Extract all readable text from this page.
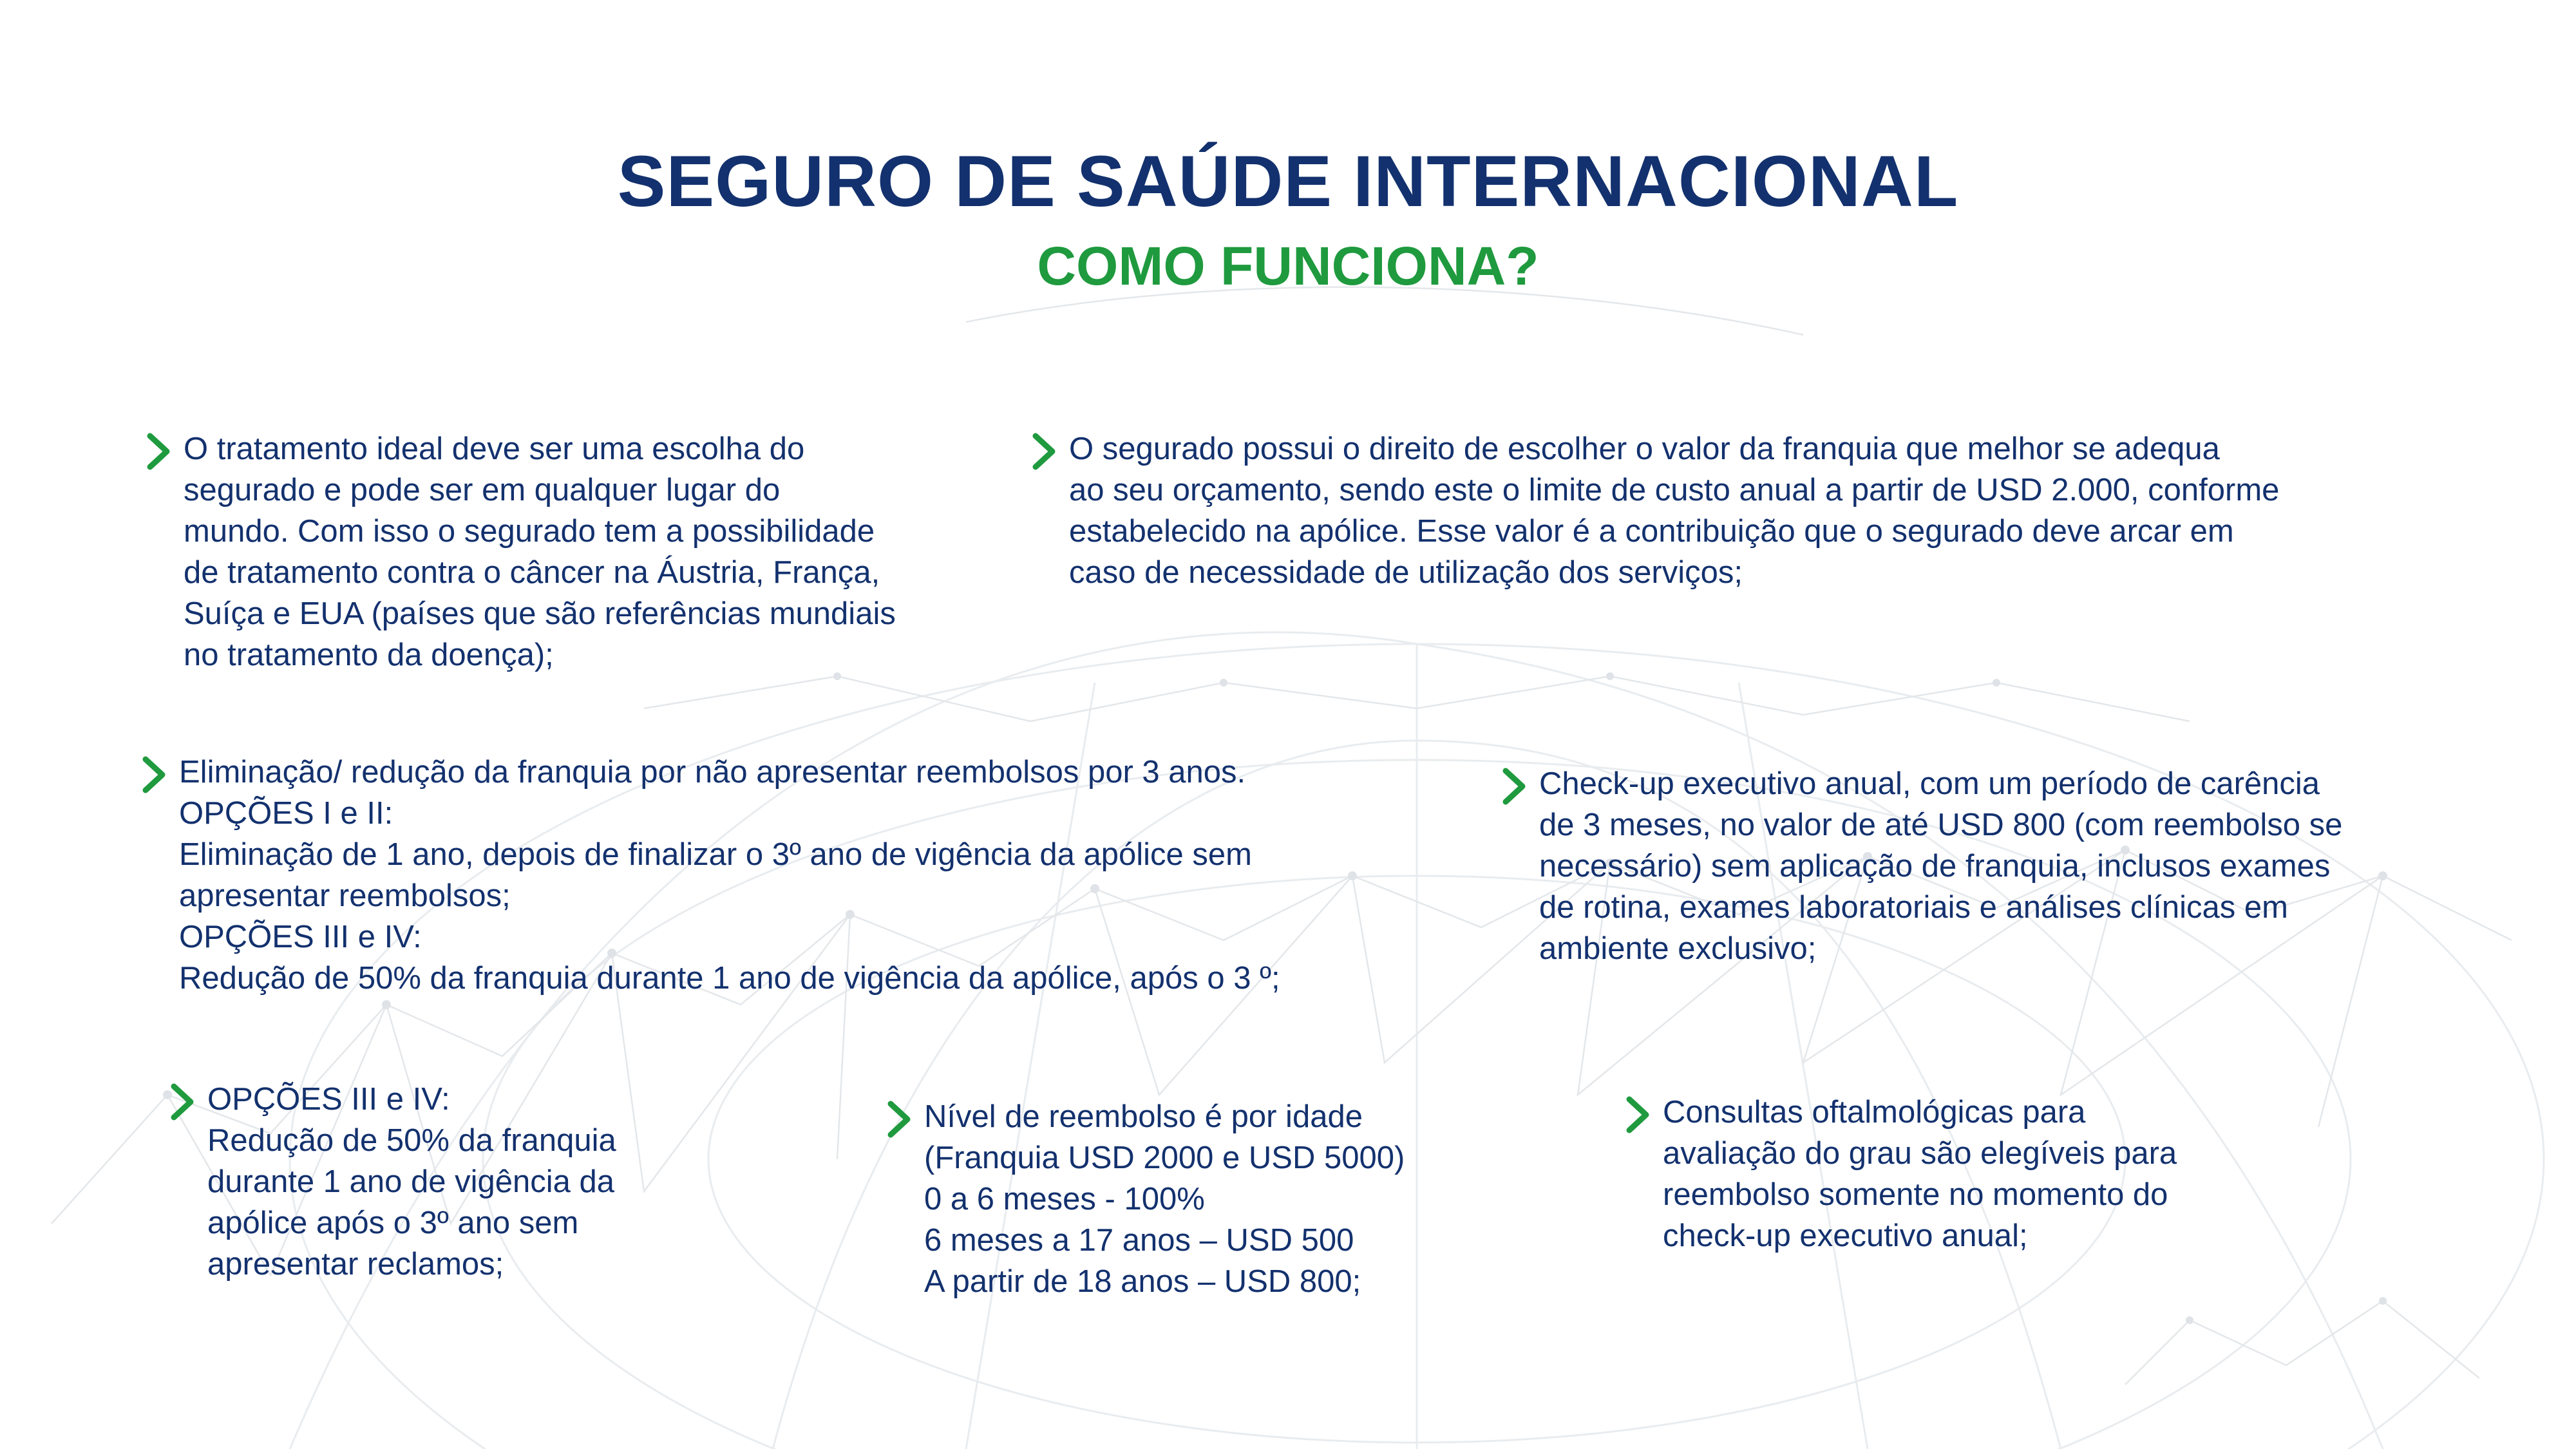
SEGURO DE SAÚDE INTERNACIONAL
COMO FUNCIONA?
O tratamento ideal deve ser uma escolha do
segurado e pode ser em qualquer lugar do
mundo. Com isso o segurado tem a possibilidade
de tratamento contra o câncer na Áustria, França,
Suíça e EUA (países que são referências mundiais
no tratamento da doença);
O segurado possui o direito de escolher o valor da franquia que melhor se adequa
ao seu orçamento, sendo este o limite de custo anual a partir de USD 2.000, conforme
estabelecido na apólice. Esse valor é a contribuição que o segurado deve arcar em
caso de necessidade de utilização dos serviços;
Eliminação/ redução da franquia por não apresentar reembolsos por 3 anos.
OPÇÕES I e II:
Eliminação de 1 ano, depois de finalizar o 3º ano de vigência da apólice sem
apresentar reembolsos;
OPÇÕES III e IV:
Redução de 50% da franquia durante 1 ano de vigência da apólice, após o 3 º;
Check-up executivo anual, com um período de carência
de 3 meses, no valor de até USD 800 (com reembolso se
necessário) sem aplicação de franquia, inclusos exames
de rotina, exames laboratoriais e análises clínicas em
ambiente exclusivo;
OPÇÕES III e IV:
Redução de 50% da franquia
durante 1 ano de vigência da
apólice após o 3º ano sem
apresentar reclamos;
Nível de reembolso é por idade
(Franquia USD 2000 e USD 5000)
0 a 6 meses - 100%
6 meses a 17 anos – USD 500
A partir de 18 anos – USD 800;
Consultas oftalmológicas para
avaliação do grau são elegíveis para
reembolso somente no momento do
check-up executivo anual;
